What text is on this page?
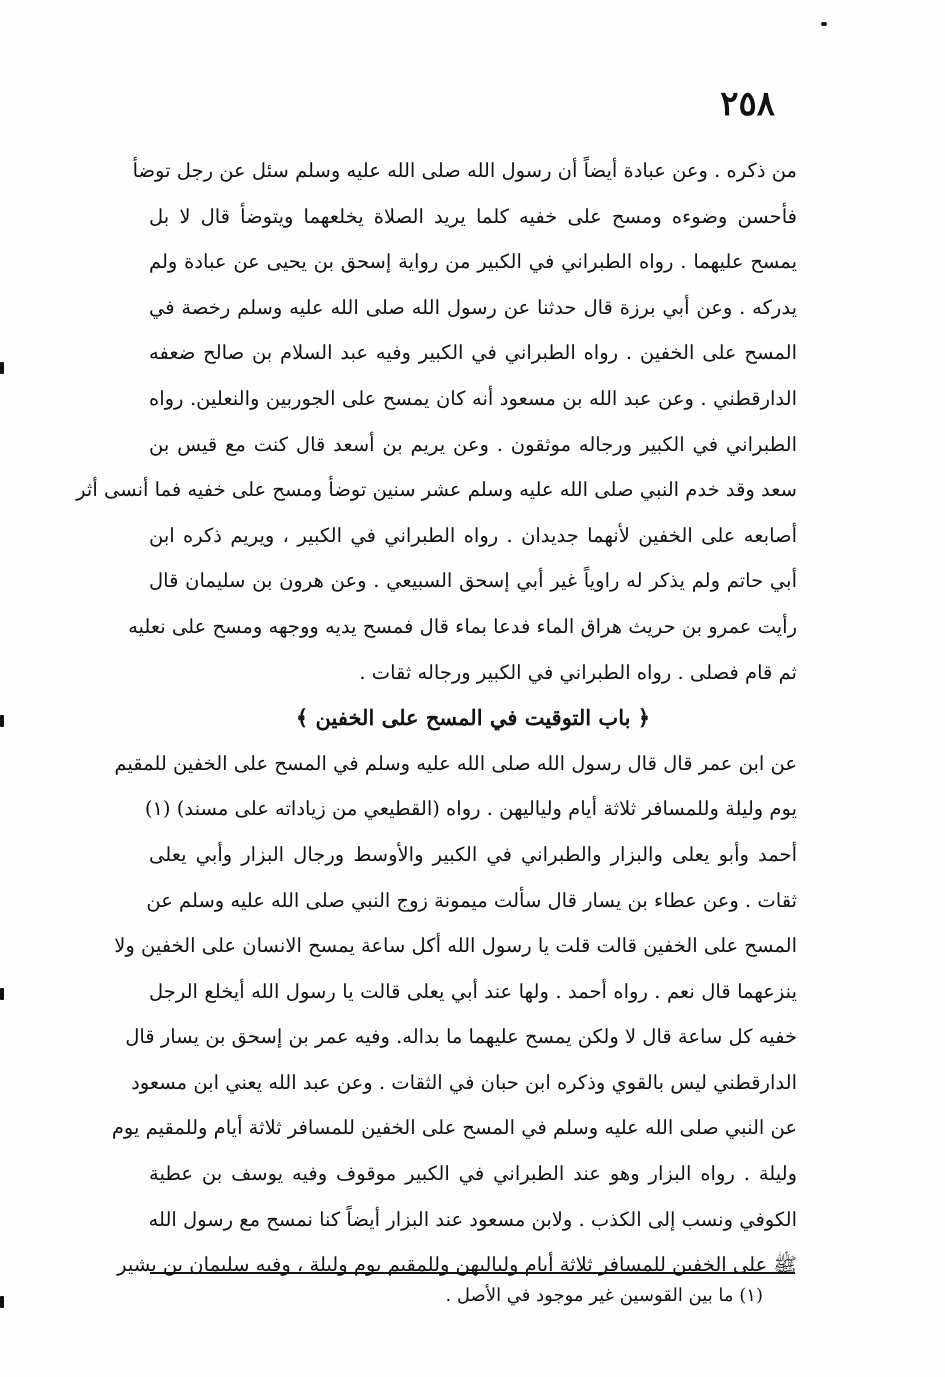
٢٥٨
من ذكره . وعن عبادة أيضاً أن رسول الله صلى الله عليه وسلم سئل عن رجل توضأ
فأحسن وضوءه ومسح على خفيه كلما يريد الصلاة يخلعهما ويتوضأ قال لا بل
يمسح عليهما . رواه الطبراني في الكبير من رواية إسحق بن يحيى عن عبادة ولم
يدركه . وعن أبي برزة قال حدثنا عن رسول الله صلى الله عليه وسلم رخصة في
المسح على الخفين . رواه الطبراني في الكبير وفيه عبد السلام بن صالح ضعفه
الدارقطني . وعن عبد الله بن مسعود أنه كان يمسح على الجوربين والنعلين. رواه
الطبراني في الكبير ورجاله موثقون . وعن يريم بن أسعد قال كنت مع قيس بن
سعد وقد خدم النبي صلى الله عليه وسلم عشر سنين توضأ ومسح على خفيه فما أنسى أثر
أصابعه على الخفين لأنهما جديدان . رواه الطبراني في الكبير ، ويريم ذكره ابن
أبي حاتم ولم يذكر له راوياً غير أبي إسحق السبيعي . وعن هرون بن سليمان قال
رأيت عمرو بن حريث هراق الماء فدعا بماء قال فمسح يديه ووجهه ومسح على نعليه
ثم قام فصلى . رواه الطبراني في الكبير ورجاله ثقات .
﴿ باب التوقيت في المسح على الخفين ﴾
عن ابن عمر قال قال رسول الله صلى الله عليه وسلم في المسح على الخفين للمقيم
يوم وليلة وللمسافر ثلاثة أيام ولياليهن . رواه (القطيعي من زياداته على مسند) (١)
أحمد وأبو يعلى والبزار والطبراني في الكبير والأوسط ورجال البزار وأبي يعلى
ثقات . وعن عطاء بن يسار قال سألت ميمونة زوج النبي صلى الله عليه وسلم عن
المسح على الخفين قالت قلت يا رسول الله أكل ساعة يمسح الانسان على الخفين ولا
ينزعهما قال نعم . رواه أحمد . ولها عند أبي يعلى قالت يا رسول الله أيخلع الرجل
خفيه كل ساعة قال لا ولكن يمسح عليهما ما بداله. وفيه عمر بن إسحق بن يسار قال
الدارقطني ليس بالقوي وذكره ابن حبان في الثقات . وعن عبد الله يعني ابن مسعود
عن النبي صلى الله عليه وسلم في المسح على الخفين للمسافر ثلاثة أيام وللمقيم يوم
وليلة . رواه البزار وهو عند الطبراني في الكبير موقوف وفيه يوسف بن عطية
الكوفي ونسب إلى الكذب . ولابن مسعود عند البزار أيضاً كنا نمسح مع رسول الله
ﷺ على الخفين للمسافر ثلاثة أيام ولياليهن وللمقيم يوم وليلة ، وفيه سليمان بن بشير
(١) ما بين القوسين غير موجود في الأصل .
